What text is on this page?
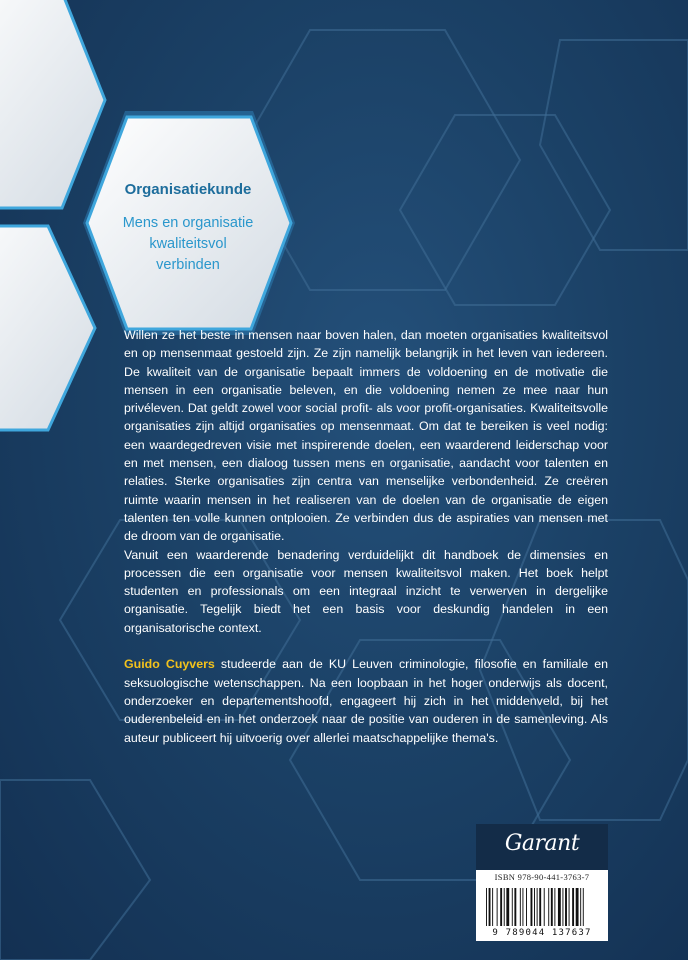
Organisatiekunde
Mens en organisatie
kwaliteitsvol
verbinden

Willen ze het beste in mensen naar boven halen, dan moeten organisaties kwaliteitsvol en op mensenmaat gestoeld zijn. Ze zijn namelijk belangrijk in het leven van iedereen. De kwaliteit van de organisatie bepaalt immers de voldoening en de motivatie die mensen in een organisatie beleven, en die voldoening nemen ze mee naar hun privéleven. Dat geldt zowel voor social profit- als voor profit-organisaties. Kwaliteitsvolle organisaties zijn altijd organisaties op mensenmaat. Om dat te bereiken is veel nodig: een waardegedreven visie met inspirerende doelen, een waarderend leiderschap voor en met mensen, een dialoog tussen mens en organisatie, aandacht voor talenten en relaties. Sterke organisaties zijn centra van menselijke verbondenheid. Ze creëren ruimte waarin mensen in het realiseren van de doelen van de organisatie de eigen talenten ten volle kunnen ontplooien. Ze verbinden dus de aspiraties van mensen met de droom van de organisatie.

Vanuit een waarderende benadering verduidelijkt dit handboek de dimensies en processen die een organisatie voor mensen kwaliteitsvol maken. Het boek helpt studenten en professionals om een integraal inzicht te verwerven in dergelijke organisatie. Tegelijk biedt het een basis voor deskundig handelen in een organisatorische context.

Guido Cuyvers studeerde aan de KU Leuven criminologie, filosofie en familiale en seksuologische wetenschappen. Na een loopbaan in het hoger onderwijs als docent, onderzoeker en departementshoofd, engageert hij zich in het middenveld, bij het ouderenbeleid en in het onderzoek naar de positie van ouderen in de samenleving. Als auteur publiceert hij uitvoerig over allerlei maatschappelijke thema's.

Garant
ISBN 978-90-441-3763-7
9 789044 137637
